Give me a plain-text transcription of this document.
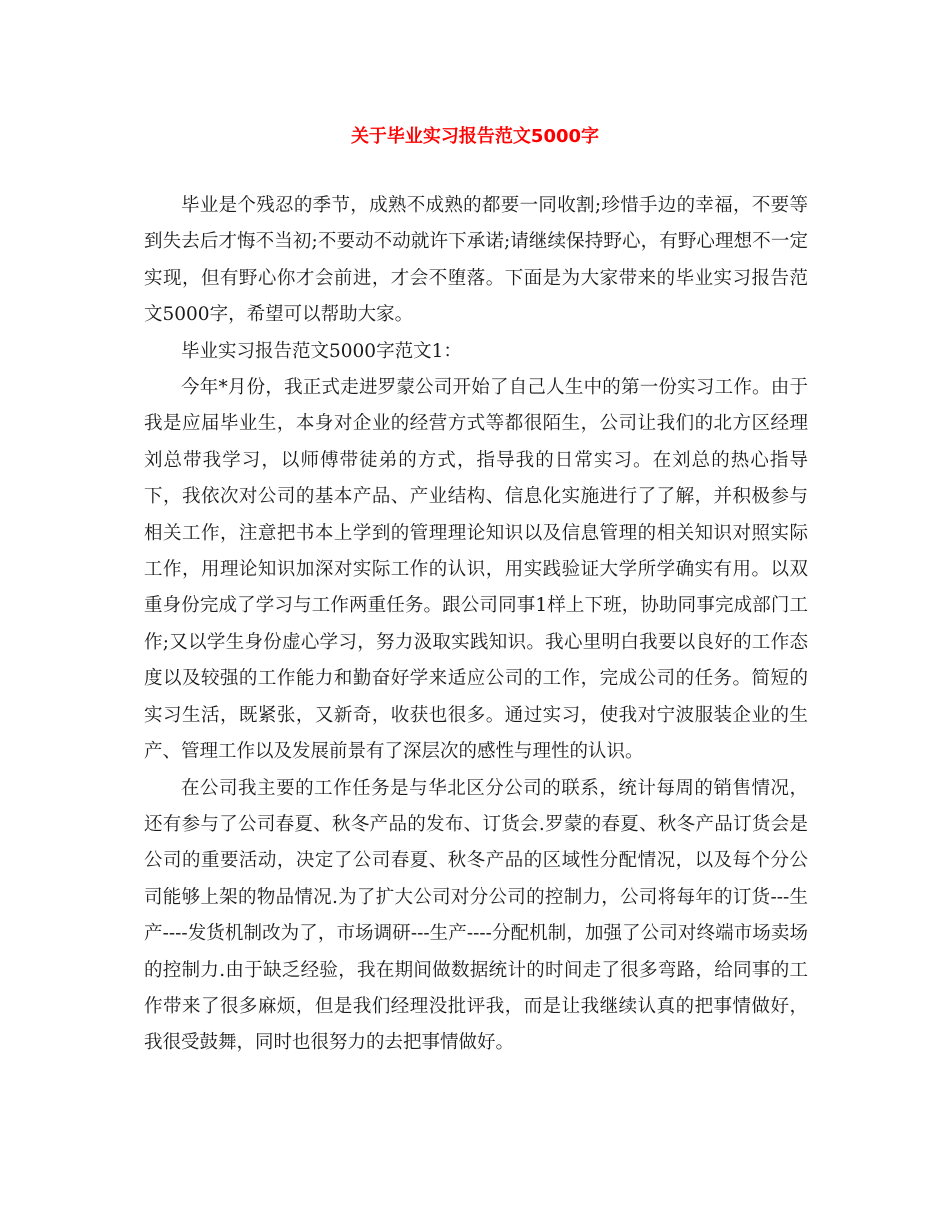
关于毕业实习报告范文5000字

毕业是个残忍的季节，成熟不成熟的都要一同收割;珍惜手边的幸福，不要等到失去后才悔不当初;不要动不动就许下承诺;请继续保持野心，有野心理想不一定实现，但有野心你才会前进，才会不堕落。下面是为大家带来的毕业实习报告范文5000字，希望可以帮助大家。

毕业实习报告范文5000字范文1：

今年*月份，我正式走进罗蒙公司开始了自己人生中的第一份实习工作。由于我是应届毕业生，本身对企业的经营方式等都很陌生，公司让我们的北方区经理刘总带我学习，以师傅带徒弟的方式，指导我的日常实习。在刘总的热心指导下，我依次对公司的基本产品、产业结构、信息化实施进行了了解，并积极参与相关工作，注意把书本上学到的管理理论知识以及信息管理的相关知识对照实际工作，用理论知识加深对实际工作的认识，用实践验证大学所学确实有用。以双重身份完成了学习与工作两重任务。跟公司同事1样上下班，协助同事完成部门工作;又以学生身份虚心学习，努力汲取实践知识。我心里明白我要以良好的工作态度以及较强的工作能力和勤奋好学来适应公司的工作，完成公司的任务。简短的实习生活，既紧张，又新奇，收获也很多。通过实习，使我对宁波服装企业的生产、管理工作以及发展前景有了深层次的感性与理性的认识。

在公司我主要的工作任务是与华北区分公司的联系，统计每周的销售情况，还有参与了公司春夏、秋冬产品的发布、订货会.罗蒙的春夏、秋冬产品订货会是公司的重要活动，决定了公司春夏、秋冬产品的区域性分配情况，以及每个分公司能够上架的物品情况.为了扩大公司对分公司的控制力，公司将每年的订货---生产----发货机制改为了，市场调研---生产----分配机制，加强了公司对终端市场卖场的控制力.由于缺乏经验，我在期间做数据统计的时间走了很多弯路，给同事的工作带来了很多麻烦，但是我们经理没批评我，而是让我继续认真的把事情做好，我很受鼓舞，同时也很努力的去把事情做好。
